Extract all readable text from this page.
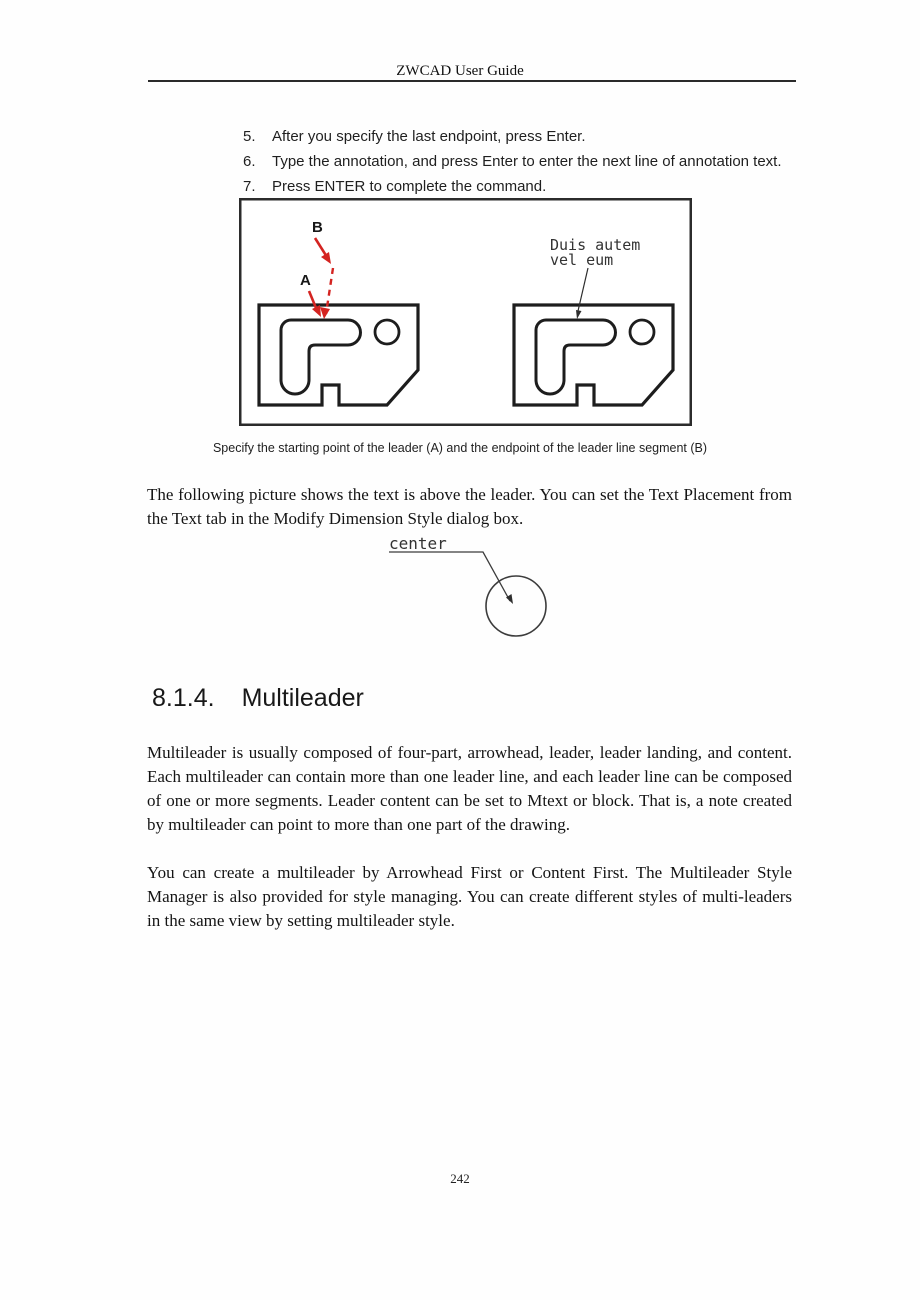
ZWCAD User Guide
5.	After you specify the last endpoint, press Enter.
6.	Type the annotation, and press Enter to enter the next line of annotation text.
7.	Press ENTER to complete the command.
B
A
Duis autem
vel eum
Specify the starting point of the leader (A) and the endpoint of the leader line segment (B)
The following picture shows the text is above the leader. You can set the Text Placement from the Text tab in the Modify Dimension Style dialog box.
center
8.1.4. Multileader
Multileader is usually composed of four-part, arrowhead, leader, leader landing, and content. Each multileader can contain more than one leader line, and each leader line can be composed of one or more segments. Leader content can be set to Mtext or block. That is, a note created by multileader can point to more than one part of the drawing.
You can create a multileader by Arrowhead First or Content First. The Multileader Style Manager is also provided for style managing. You can create different styles of multi-leaders in the same view by setting multileader style.
242
